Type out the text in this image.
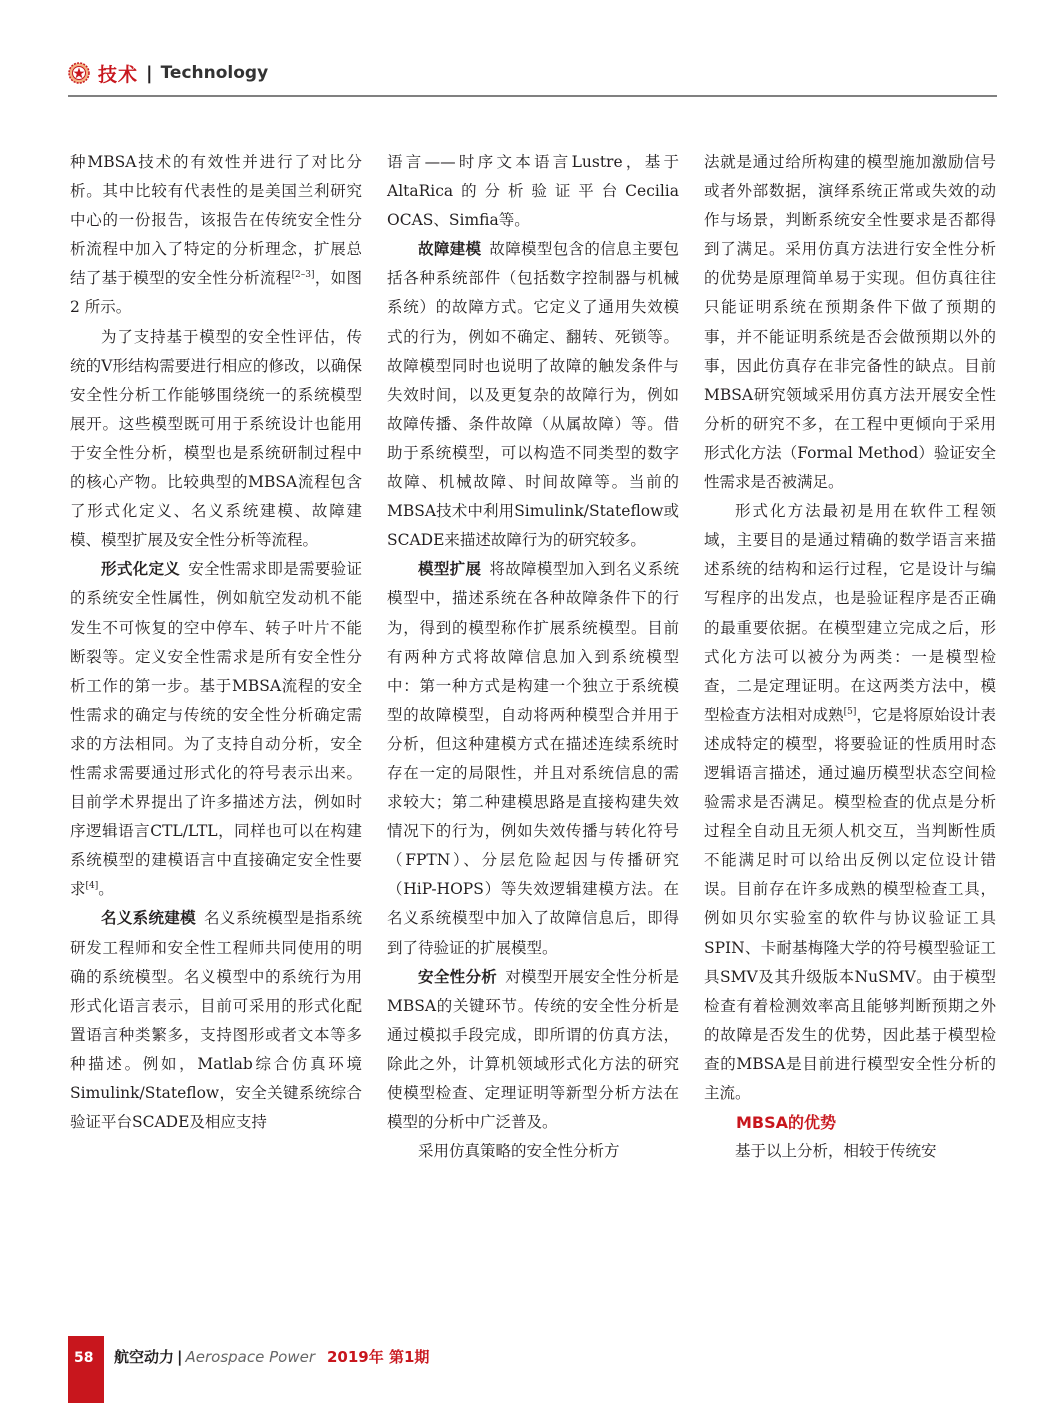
技术 | Technology

种MBSA技术的有效性并进行了对比分析。其中比较有代表性的是美国兰利研究中心的一份报告，该报告在传统安全性分析流程中加入了特定的分析理念，扩展总结了基于模型的安全性分析流程[2–3]，如图 2 所示。

为了支持基于模型的安全性评估，传统的V形结构需要进行相应的修改，以确保安全性分析工作能够围绕统一的系统模型展开。这些模型既可用于系统设计也能用于安全性分析，模型也是系统研制过程中的核心产物。比较典型的MBSA流程包含了形式化定义、名义系统建模、故障建模、模型扩展及安全性分析等流程。

形式化定义  安全性需求即是需要验证的系统安全性属性，例如航空发动机不能发生不可恢复的空中停车、转子叶片不能断裂等。定义安全性需求是所有安全性分析工作的第一步。基于MBSA流程的安全性需求的确定与传统的安全性分析确定需求的方法相同。为了支持自动分析，安全性需求需要通过形式化的符号表示出来。目前学术界提出了许多描述方法，例如时序逻辑语言CTL/LTL，同样也可以在构建系统模型的建模语言中直接确定安全性要求[4]。

名义系统建模  名义系统模型是指系统研发工程师和安全性工程师共同使用的明确的系统模型。名义模型中的系统行为用形式化语言表示，目前可采用的形式化配置语言种类繁多，支持图形或者文本等多种描述。例如，Matlab综合仿真环境Simulink/Stateflow，安全关键系统综合验证平台SCADE及相应支持

语言——时序文本语言Lustre，基于AltaRica的分析验证平台Cecilia OCAS、Simfia等。

故障建模  故障模型包含的信息主要包括各种系统部件（包括数字控制器与机械系统）的故障方式。它定义了通用失效模式的行为，例如不确定、翻转、死锁等。故障模型同时也说明了故障的触发条件与失效时间，以及更复杂的故障行为，例如故障传播、条件故障（从属故障）等。借助于系统模型，可以构造不同类型的数字故障、机械故障、时间故障等。当前的MBSA技术中利用Simulink/Stateflow或SCADE来描述故障行为的研究较多。

模型扩展  将故障模型加入到名义系统模型中，描述系统在各种故障条件下的行为，得到的模型称作扩展系统模型。目前有两种方式将故障信息加入到系统模型中：第一种方式是构建一个独立于系统模型的故障模型，自动将两种模型合并用于分析，但这种建模方式在描述连续系统时存在一定的局限性，并且对系统信息的需求较大；第二种建模思路是直接构建失效情况下的行为，例如失效传播与转化符号（FPTN）、分层危险起因与传播研究（HiP-HOPS）等失效逻辑建模方法。在名义系统模型中加入了故障信息后，即得到了待验证的扩展模型。

安全性分析  对模型开展安全性分析是MBSA的关键环节。传统的安全性分析是通过模拟手段完成，即所谓的仿真方法，除此之外，计算机领域形式化方法的研究使模型检查、定理证明等新型分析方法在模型的分析中广泛普及。

采用仿真策略的安全性分析方

法就是通过给所构建的模型施加激励信号或者外部数据，演绎系统正常或失效的动作与场景，判断系统安全性要求是否都得到了满足。采用仿真方法进行安全性分析的优势是原理简单易于实现。但仿真往往只能证明系统在预期条件下做了预期的事，并不能证明系统是否会做预期以外的事，因此仿真存在非完备性的缺点。目前MBSA研究领域采用仿真方法开展安全性分析的研究不多，在工程中更倾向于采用形式化方法（Formal Method）验证安全性需求是否被满足。

形式化方法最初是用在软件工程领域，主要目的是通过精确的数学语言来描述系统的结构和运行过程，它是设计与编写程序的出发点，也是验证程序是否正确的最重要依据。在模型建立完成之后，形式化方法可以被分为两类：一是模型检查，二是定理证明。在这两类方法中，模型检查方法相对成熟[5]，它是将原始设计表述成特定的模型，将要验证的性质用时态逻辑语言描述，通过遍历模型状态空间检验需求是否满足。模型检查的优点是分析过程全自动且无须人机交互，当判断性质不能满足时可以给出反例以定位设计错误。目前存在许多成熟的模型检查工具，例如贝尔实验室的软件与协议验证工具SPIN、卡耐基梅隆大学的符号模型验证工具SMV及其升级版本NuSMV。由于模型检查有着检测效率高且能够判断预期之外的故障是否发生的优势，因此基于模型检查的MBSA是目前进行模型安全性分析的主流。

MBSA的优势

基于以上分析，相较于传统安

58 航空动力 | Aerospace Power 2019年 第1期
